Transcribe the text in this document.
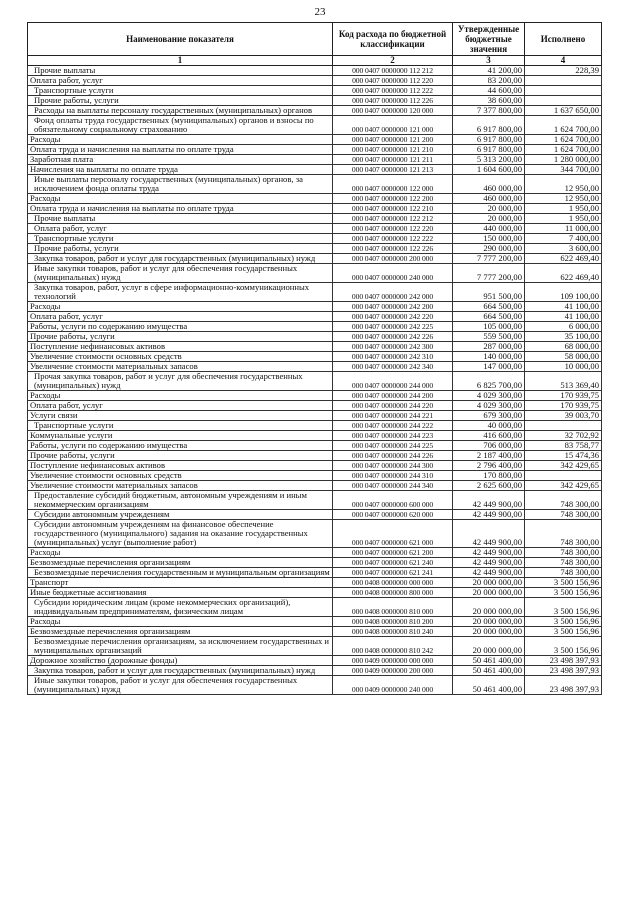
23
Наименование показателя	Код расхода по бюджетной классификации	Утвержденные бюджетные значения	Исполнено
1	2	3	4
Прочие выплаты	000 0407 0000000 112 212	41 200,00	228,39
Оплата работ, услуг	000 0407 0000000 112 220	83 200,00	
Транспортные услуги	000 0407 0000000 112 222	44 600,00	
Прочие работы, услуги	000 0407 0000000 112 226	38 600,00	
Расходы на выплаты персоналу государственных (муниципальных) органов	000 0407 0000000 120 000	7 377 800,00	1 637 650,00
Фонд оплаты труда государственных (муниципальных) органов и взносы по обязательному социальному страхованию	000 0407 0000000 121 000	6 917 800,00	1 624 700,00
Расходы	000 0407 0000000 121 200	6 917 800,00	1 624 700,00
Оплата труда и начисления на выплаты по оплате труда	000 0407 0000000 121 210	6 917 800,00	1 624 700,00
Заработная плата	000 0407 0000000 121 211	5 313 200,00	1 280 000,00
Начисления на выплаты по оплате труда	000 0407 0000000 121 213	1 604 600,00	344 700,00
Иные выплаты персоналу государственных (муниципальных) органов, за исключением фонда оплаты труда	000 0407 0000000 122 000	460 000,00	12 950,00
Расходы	000 0407 0000000 122 200	460 000,00	12 950,00
Оплата труда и начисления на выплаты по оплате труда	000 0407 0000000 122 210	20 000,00	1 950,00
Прочие выплаты	000 0407 0000000 122 212	20 000,00	1 950,00
Оплата работ, услуг	000 0407 0000000 122 220	440 000,00	11 000,00
Транспортные услуги	000 0407 0000000 122 222	150 000,00	7 400,00
Прочие работы, услуги	000 0407 0000000 122 226	290 000,00	3 600,00
Закупка товаров, работ и услуг для государственных (муниципальных) нужд	000 0407 0000000 200 000	7 777 200,00	622 469,40
Иные закупки товаров, работ и услуг для обеспечения государственных (муниципальных) нужд	000 0407 0000000 240 000	7 777 200,00	622 469,40
Закупка товаров, работ, услуг в сфере информационно-коммуникационных технологий	000 0407 0000000 242 000	951 500,00	109 100,00
Расходы	000 0407 0000000 242 200	664 500,00	41 100,00
Оплата работ, услуг	000 0407 0000000 242 220	664 500,00	41 100,00
Работы, услуги по содержанию имущества	000 0407 0000000 242 225	105 000,00	6 000,00
Прочие работы, услуги	000 0407 0000000 242 226	559 500,00	35 100,00
Поступление нефинансовых активов	000 0407 0000000 242 300	287 000,00	68 000,00
Увеличение стоимости основных средств	000 0407 0000000 242 310	140 000,00	58 000,00
Увеличение стоимости материальных запасов	000 0407 0000000 242 340	147 000,00	10 000,00
Прочая закупка товаров, работ и услуг для обеспечения государственных (муниципальных) нужд	000 0407 0000000 244 000	6 825 700,00	513 369,40
Расходы	000 0407 0000000 244 200	4 029 300,00	170 939,75
Оплата работ, услуг	000 0407 0000000 244 220	4 029 300,00	170 939,75
Услуги связи	000 0407 0000000 244 221	679 300,00	39 003,70
Транспортные услуги	000 0407 0000000 244 222	40 000,00	
Коммунальные услуги	000 0407 0000000 244 223	416 600,00	32 702,92
Работы, услуги по содержанию имущества	000 0407 0000000 244 225	706 000,00	83 758,77
Прочие работы, услуги	000 0407 0000000 244 226	2 187 400,00	15 474,36
Поступление нефинансовых активов	000 0407 0000000 244 300	2 796 400,00	342 429,65
Увеличение стоимости основных средств	000 0407 0000000 244 310	170 800,00	
Увеличение стоимости материальных запасов	000 0407 0000000 244 340	2 625 600,00	342 429,65
Предоставление субсидий бюджетным, автономным учреждениям и иным некоммерческим организациям	000 0407 0000000 600 000	42 449 900,00	748 300,00
Субсидии автономным учреждениям	000 0407 0000000 620 000	42 449 900,00	748 300,00
Субсидии автономным учреждениям на финансовое обеспечение государственного (муниципального) задания на оказание государственных (муниципальных) услуг (выполнение работ)	000 0407 0000000 621 000	42 449 900,00	748 300,00
Расходы	000 0407 0000000 621 200	42 449 900,00	748 300,00
Безвозмездные перечисления организациям	000 0407 0000000 621 240	42 449 900,00	748 300,00
Безвозмездные перечисления государственным и муниципальным организациям	000 0407 0000000 621 241	42 449 900,00	748 300,00
Транспорт	000 0408 0000000 000 000	20 000 000,00	3 500 156,96
Иные бюджетные ассигнования	000 0408 0000000 800 000	20 000 000,00	3 500 156,96
Субсидии юридическим лицам (кроме некоммерческих организаций), индивидуальным предпринимателям, физическим лицам	000 0408 0000000 810 000	20 000 000,00	3 500 156,96
Расходы	000 0408 0000000 810 200	20 000 000,00	3 500 156,96
Безвозмездные перечисления организациям	000 0408 0000000 810 240	20 000 000,00	3 500 156,96
Безвозмездные перечисления организациям, за исключением государственных и муниципальных организаций	000 0408 0000000 810 242	20 000 000,00	3 500 156,96
Дорожное хозяйство (дорожные фонды)	000 0409 0000000 000 000	50 461 400,00	23 498 397,93
Закупка товаров, работ и услуг для государственных (муниципальных) нужд	000 0409 0000000 200 000	50 461 400,00	23 498 397,93
Иные закупки товаров, работ и услуг для обеспечения государственных (муниципальных) нужд	000 0409 0000000 240 000	50 461 400,00	23 498 397,93
